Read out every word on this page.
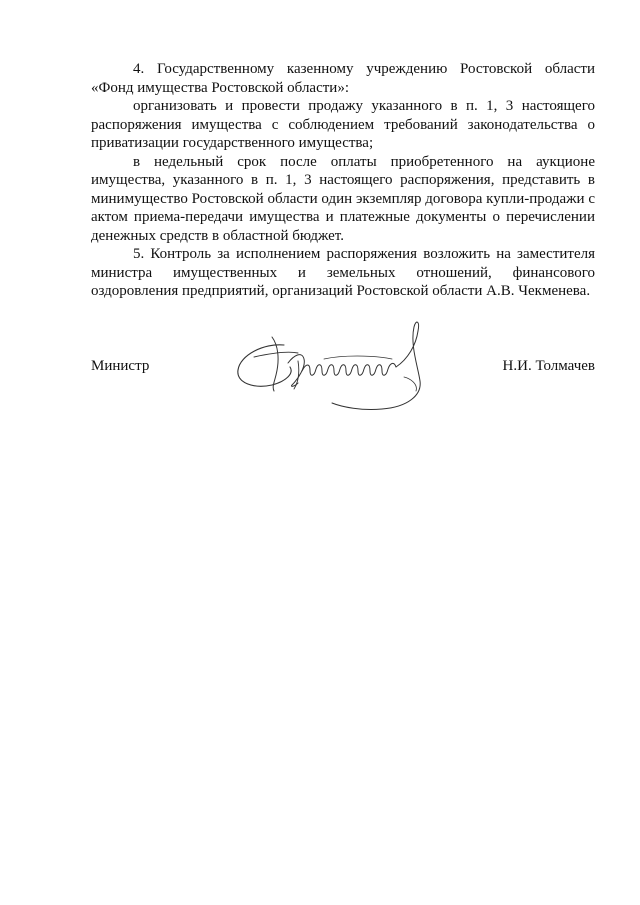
4. Государственному казенному учреждению Ростовской области «Фонд имущества Ростовской области»:

организовать и провести продажу указанного в п. 1, 3 настоящего распоряжения имущества с соблюдением требований законодательства о приватизации государственного имущества;

в недельный срок после оплаты приобретенного на аукционе имущества, указанного в п. 1, 3 настоящего распоряжения, представить в минимущество Ростовской области один экземпляр договора купли-продажи с актом приема-передачи имущества и платежные документы о перечислении денежных средств в областной бюджет.

5. Контроль за исполнением распоряжения возложить на заместителя министра имущественных и земельных отношений, финансового оздоровления предприятий, организаций Ростовской области А.В. Чекменева.

Министр	Н.И. Толмачев
